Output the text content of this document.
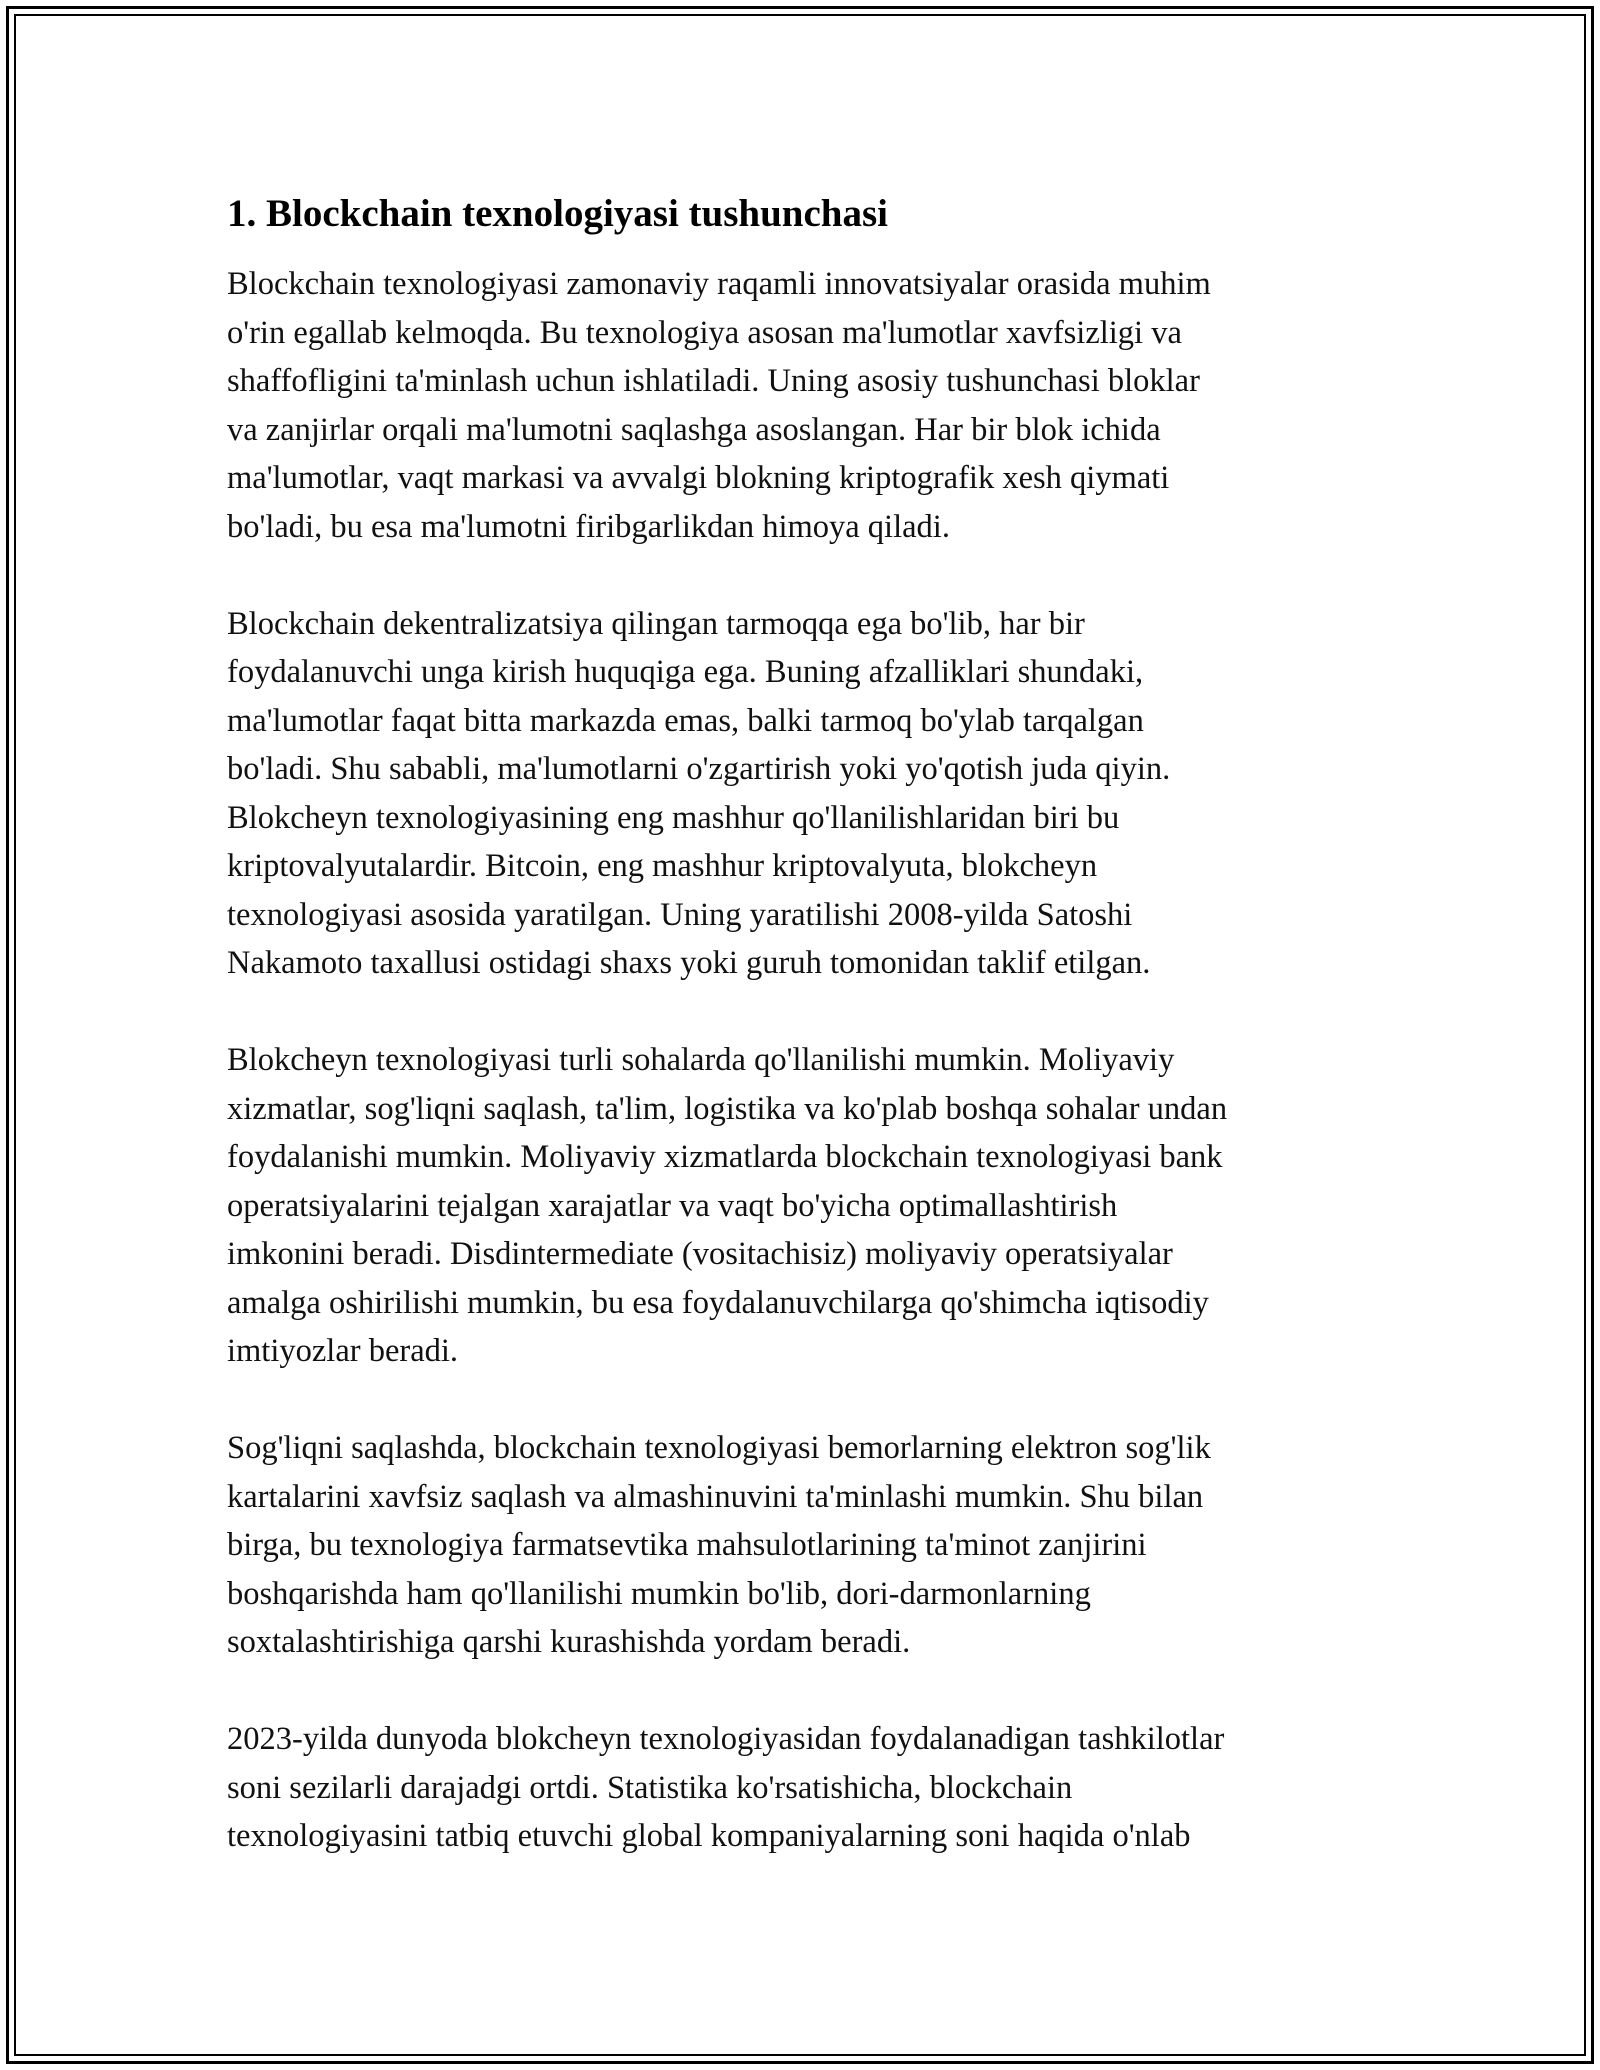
1. Blockchain texnologiyasi tushunchasi
Blockchain texnologiyasi zamonaviy raqamli innovatsiyalar orasida muhim
o'rin egallab kelmoqda. Bu texnologiya asosan ma'lumotlar xavfsizligi va
shaffofligini ta'minlash uchun ishlatiladi. Uning asosiy tushunchasi bloklar
va zanjirlar orqali ma'lumotni saqlashga asoslangan. Har bir blok ichida
ma'lumotlar, vaqt markasi va avvalgi blokning kriptografik xesh qiymati
bo'ladi, bu esa ma'lumotni firibgarlikdan himoya qiladi.
Blockchain dekentralizatsiya qilingan tarmoqqa ega bo'lib, har bir
foydalanuvchi unga kirish huquqiga ega. Buning afzalliklari shundaki,
ma'lumotlar faqat bitta markazda emas, balki tarmoq bo'ylab tarqalgan
bo'ladi. Shu sababli, ma'lumotlarni o'zgartirish yoki yo'qotish juda qiyin.
Blokcheyn texnologiyasining eng mashhur qo'llanilishlaridan biri bu
kriptovalyutalardir. Bitcoin, eng mashhur kriptovalyuta, blokcheyn
texnologiyasi asosida yaratilgan. Uning yaratilishi 2008-yilda Satoshi
Nakamoto taxallusi ostidagi shaxs yoki guruh tomonidan taklif etilgan.
Blokcheyn texnologiyasi turli sohalarda qo'llanilishi mumkin. Moliyaviy
xizmatlar, sog'liqni saqlash, ta'lim, logistika va ko'plab boshqa sohalar undan
foydalanishi mumkin. Moliyaviy xizmatlarda blockchain texnologiyasi bank
operatsiyalarini tejalgan xarajatlar va vaqt bo'yicha optimallashtirish
imkonini beradi. Disdintermediate (vositachisiz) moliyaviy operatsiyalar
amalga oshirilishi mumkin, bu esa foydalanuvchilarga qo'shimcha iqtisodiy
imtiyozlar beradi.
Sog'liqni saqlashda, blockchain texnologiyasi bemorlarning elektron sog'lik
kartalarini xavfsiz saqlash va almashinuvini ta'minlashi mumkin. Shu bilan
birga, bu texnologiya farmatsevtika mahsulotlarining ta'minot zanjirini
boshqarishda ham qo'llanilishi mumkin bo'lib, dori-darmonlarning
soxtalashtirishiga qarshi kurashishda yordam beradi.
2023-yilda dunyoda blokcheyn texnologiyasidan foydalanadigan tashkilotlar
soni sezilarli darajadgi ortdi. Statistika ko'rsatishicha, blockchain
texnologiyasini tatbiq etuvchi global kompaniyalarning soni haqida o'nlab
